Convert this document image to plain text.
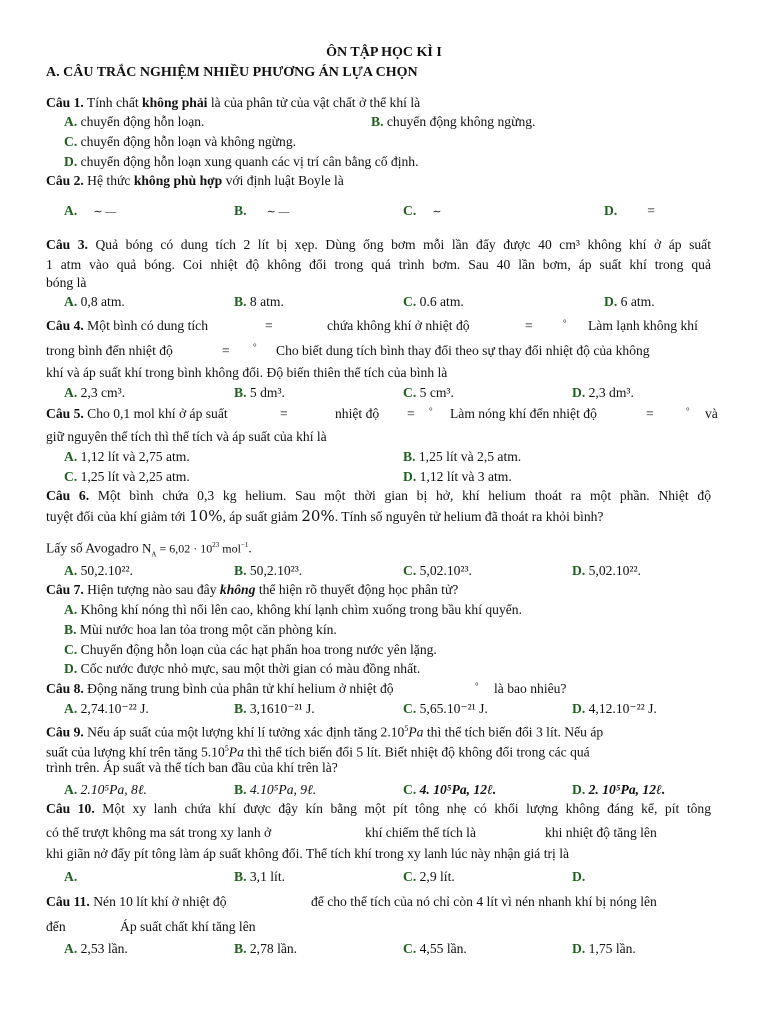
ÔN TẬP HỌC KÌ I
A. CÂU TRẮC NGHIỆM NHIỀU PHƯƠNG ÁN LỰA CHỌN
Câu 1. Tính chất không phải là của phân tử của vật chất ở thể khí là
A. chuyển động hỗn loạn.	B. chuyển động không ngừng.
C. chuyển động hỗn loạn và không ngừng.
D. chuyển động hỗn loạn xung quanh các vị trí cân bằng cố định.
Câu 2. Hệ thức không phù hợp với định luật Boyle là
A. ∼ —	B. ∼ —	C. ∼	D. =
Câu 3. Quả bóng có dung tích 2 lít bị xẹp. Dùng ống bơm mỗi lần đẩy được 40 cm³ không khí ở áp suất
1 atm vào quả bóng. Coi nhiệt độ không đổi trong quá trình bơm. Sau 40 lần bơm, áp suất khí trong quả
bóng là
A. 0,8 atm.	B. 8 atm.	C. 0.6 atm.	D. 6 atm.
Câu 4. Một bình có dung tích	=	chứa không khí ở nhiệt độ	=	° Làm lạnh không khí
trong bình đến nhiệt độ	=	° Cho biết dung tích bình thay đổi theo sự thay đổi nhiệt độ của không
khí và áp suất khí trong bình không đổi. Độ biến thiên thể tích của bình là
A. 2,3 cm³.	B. 5 dm³.	C. 5 cm³.	D. 2,3 dm³.
Câu 5. Cho 0,1 mol khí ở áp suất	=	nhiệt độ = ° Làm nóng khí đến nhiệt độ	=	° và
giữ nguyên thể tích thì thể tích và áp suất của khí là
A. 1,12 lít và 2,75 atm.	B. 1,25 lít và 2,5 atm.
C. 1,25 lít và 2,25 atm.	D. 1,12 lít và 3 atm.
Câu 6. Một bình chứa 0,3 kg helium. Sau một thời gian bị hở, khí helium thoát ra một phần. Nhiệt độ
tuyệt đối của khí giảm tới 10%, áp suất giảm 20%. Tính số nguyên tử helium đã thoát ra khỏi bình?
Lấy số Avogadro $N_A = 6,02 \cdot 10^{23}$ mol$^{-1}$.
A. 50,2.10²².	B. 50,2.10²³.	C. 5,02.10²³.	D. 5,02.10²².
Câu 7. Hiện tượng nào sau đây không thể hiện rõ thuyết động học phân tử?
A. Không khí nóng thì nổi lên cao, không khí lạnh chìm xuống trong bầu khí quyển.
B. Mùi nước hoa lan tỏa trong một căn phòng kín.
C. Chuyển động hỗn loạn của các hạt phấn hoa trong nước yên lặng.
D. Cốc nước được nhỏ mực, sau một thời gian có màu đồng nhất.
Câu 8. Động năng trung bình của phân tử khí helium ở nhiệt độ	° là bao nhiêu?
A. 2,74.10⁻²² J.	B. 3,1610⁻²¹ J.	C. 5,65.10⁻²¹ J.	D. 4,12.10⁻²² J.
Câu 9. Nếu áp suất của một lượng khí lí tưởng xác định tăng 2.10$^5$Pa thì thể tích biến đổi 3 lít. Nếu áp
suất của lượng khí trên tăng 5.10$^5$Pa thì thể tích biến đổi 5 lít. Biết nhiệt độ không đổi trong các quá
trình trên. Áp suất và thể tích ban đầu của khí trên là?
A. 2.10⁵Pa, 8ℓ.	B. 4.10⁵Pa, 9ℓ.	C. 4. 10⁵Pa, 12ℓ.	D. 2. 10⁵Pa, 12ℓ.
Câu 10. Một xy lanh chứa khí được đậy kín bằng một pít tông nhẹ có khối lượng không đáng kể, pít tông
có thể trượt không ma sát trong xy lanh ở	khí chiếm thể tích là	khi nhiệt độ tăng lên
khi giãn nở đẩy pít tông làm áp suất không đổi. Thể tích khí trong xy lanh lúc này nhận giá trị là
A.	B. 3,1 lít.	C. 2,9 lít.	D.
Câu 11. Nén 10 lít khí ở nhiệt độ	để cho thể tích của nó chỉ còn 4 lít vì nén nhanh khí bị nóng lên
đến	Áp suất chất khí tăng lên
A. 2,53 lần.	B. 2,78 lần.	C. 4,55 lần.	D. 1,75 lần.
